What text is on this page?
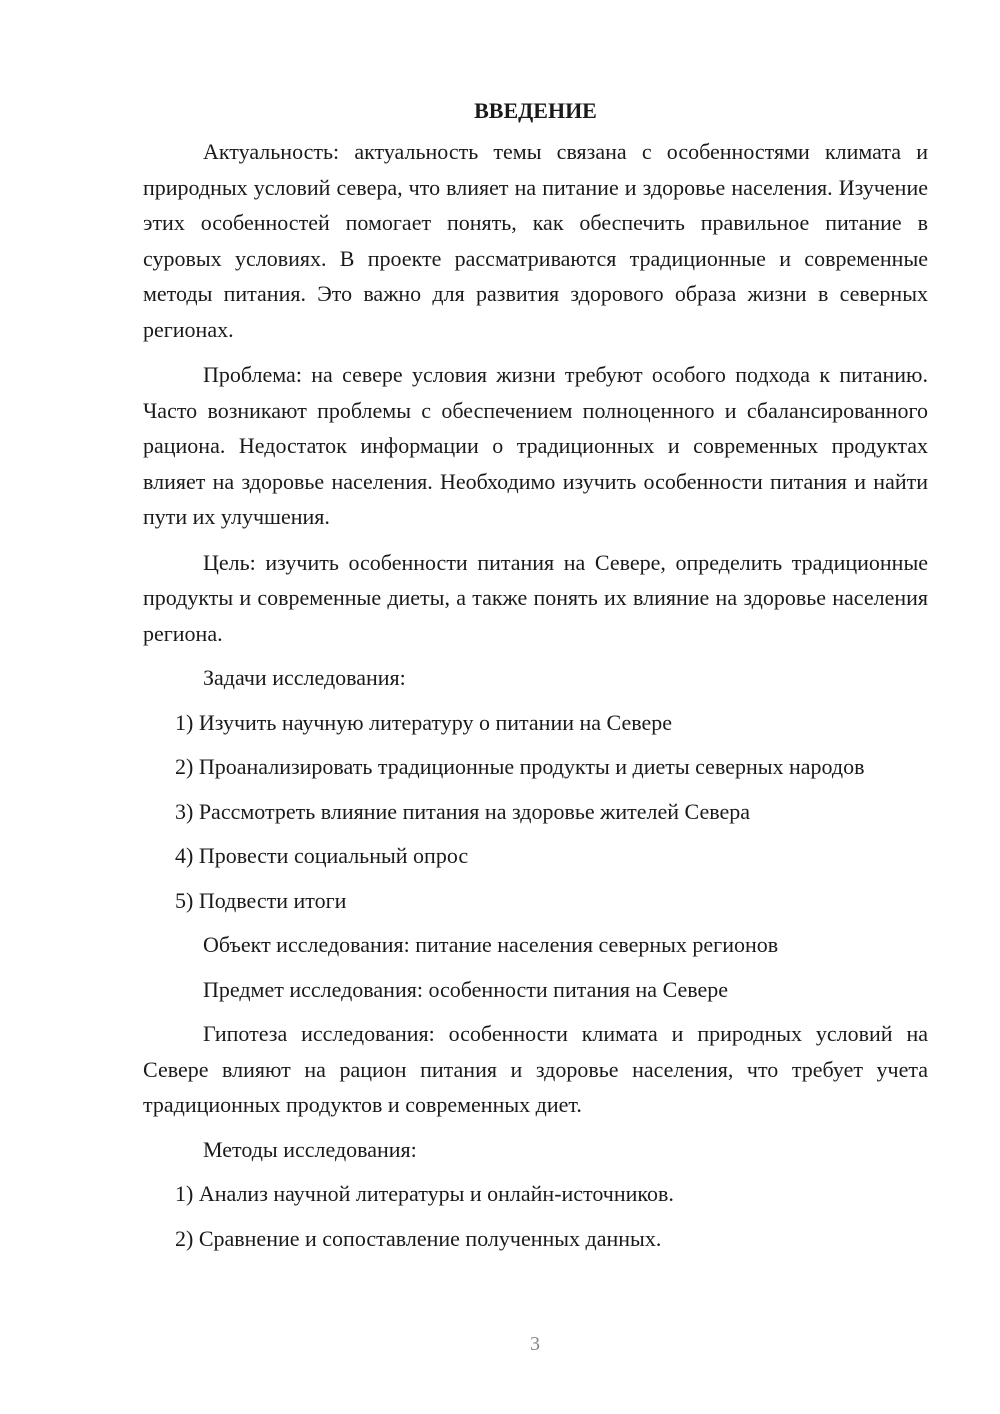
ВВЕДЕНИЕ

Актуальность: актуальность темы связана с особенностями климата и природных условий севера, что влияет на питание и здоровье населения. Изучение этих особенностей помогает понять, как обеспечить правильное питание в суровых условиях. В проекте рассматриваются традиционные и современные методы питания. Это важно для развития здорового образа жизни в северных регионах.

Проблема: на севере условия жизни требуют особого подхода к питанию. Часто возникают проблемы с обеспечением полноценного и сбалансированного рациона. Недостаток информации о традиционных и современных продуктах влияет на здоровье населения. Необходимо изучить особенности питания и найти пути их улучшения.

Цель: изучить особенности питания на Севере, определить традиционные продукты и современные диеты, а также понять их влияние на здоровье населения региона.

Задачи исследования:

1) Изучить научную литературу о питании на Севере

2) Проанализировать традиционные продукты и диеты северных народов

3) Рассмотреть влияние питания на здоровье жителей Севера

4) Провести социальный опрос

5) Подвести итоги

Объект исследования: питание населения северных регионов

Предмет исследования: особенности питания на Севере

Гипотеза исследования: особенности климата и природных условий на Севере влияют на рацион питания и здоровье населения, что требует учета традиционных продуктов и современных диет.

Методы исследования:

1) Анализ научной литературы и онлайн-источников.

2) Сравнение и сопоставление полученных данных.

3
